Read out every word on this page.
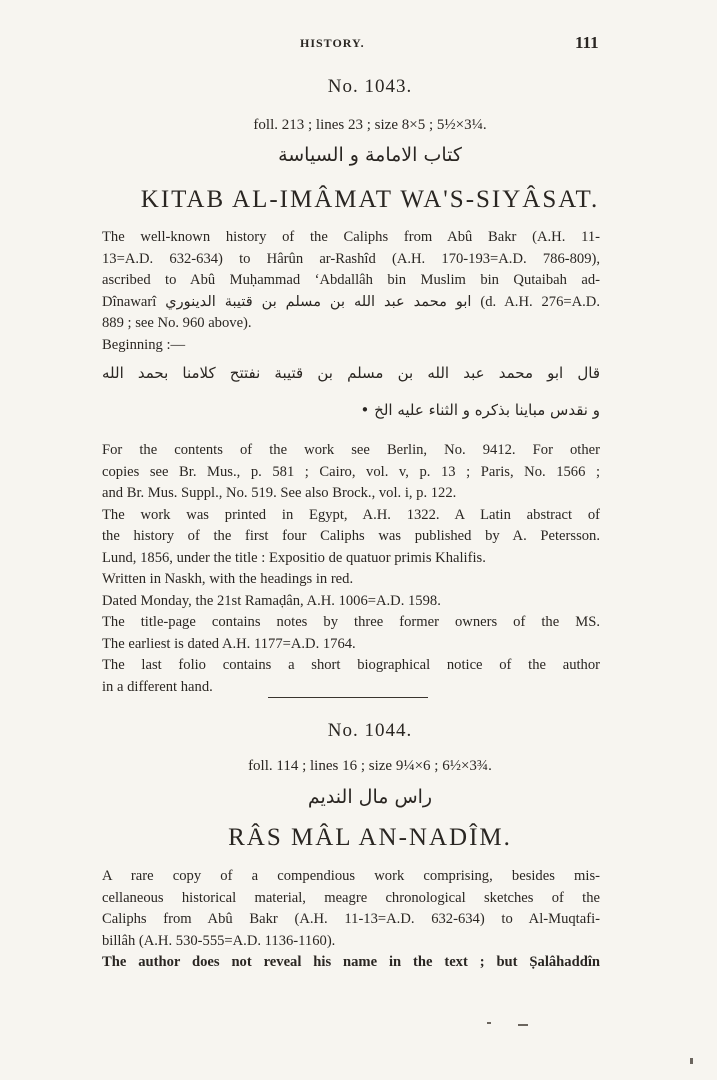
HISTORY.	111
No. 1043.
foll. 213 ; lines 23 ; size 8×5 ; 5½×3¼.
كتاب الامامة و السياسة
KITAB AL-IMÂMAT WA'S-SIYÂSAT.
The well-known history of the Caliphs from Abû Bakr (A.H. 11-
13=A.D. 632-634) to Hârûn ar-Rashîd (A.H. 170-193=A.D. 786-809),
ascribed to Abû Muḥammad ʻAbdallâh bin Muslim bin Qutaibah ad-
Dînawarî ابو محمد عبد الله بن مسلم بن قتيبة الدينوري (d. A.H. 276=A.D.
889 ; see No. 960 above).
Beginning :—
قال ابو محمد عبد الله بن مسلم بن قتيبة نفتتح كلامنا بحمد الله
و نقدس مباينا بذكره و الثناء عليه الخ •
For the contents of the work see Berlin, No. 9412. For other
copies see Br. Mus., p. 581 ; Cairo, vol. v, p. 13 ; Paris, No. 1566 ;
and Br. Mus. Suppl., No. 519. See also Brock., vol. i, p. 122.
The work was printed in Egypt, A.H. 1322. A Latin abstract of
the history of the first four Caliphs was published by A. Petersson.
Lund, 1856, under the title : Expositio de quatuor primis Khalifis.
Written in Naskh, with the headings in red.
Dated Monday, the 21st Ramaḍân, A.H. 1006=A.D. 1598.
The title-page contains notes by three former owners of the MS.
The earliest is dated A.H. 1177=A.D. 1764.
The last folio contains a short biographical notice of the author
in a different hand.
No. 1044.
foll. 114 ; lines 16 ; size 9¼×6 ; 6½×3¾.
راس مال النديم
RÂS MÂL AN-NADÎM.
A rare copy of a compendious work comprising, besides mis-
cellaneous historical material, meagre chronological sketches of the
Caliphs from Abû Bakr (A.H. 11-13=A.D. 632-634) to Al-Muqtafi-
billâh (A.H. 530-555=A.D. 1136-1160).
The author does not reveal his name in the text ; but Ṣalâhaddîn
